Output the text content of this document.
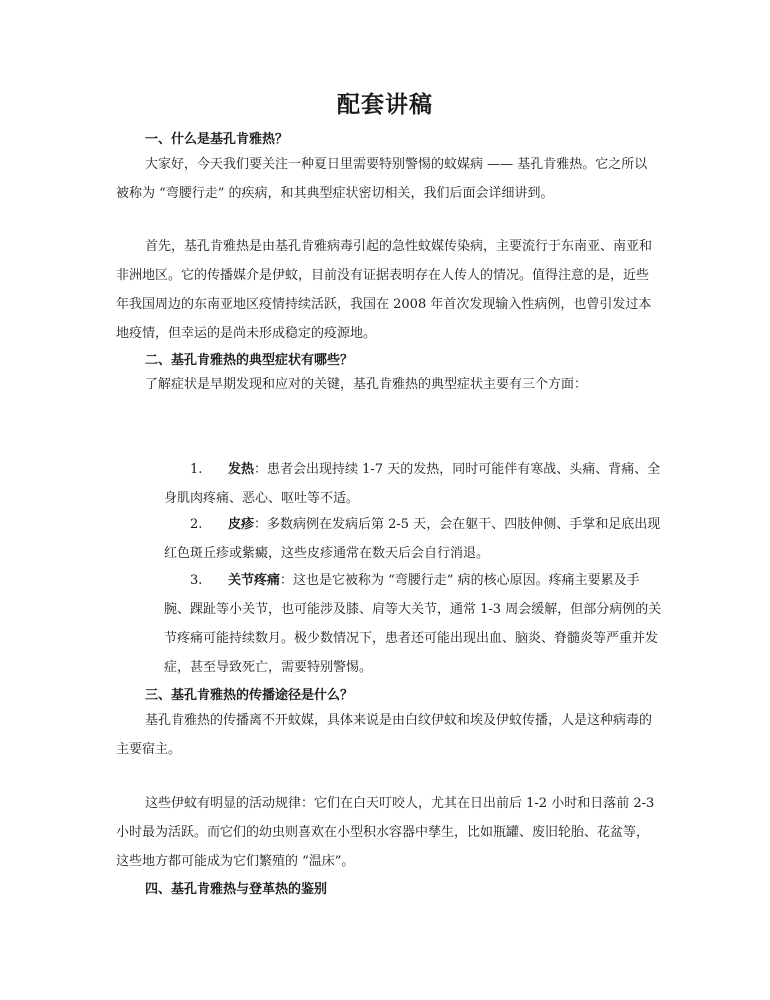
配套讲稿
一、什么是基孔肯雅热？
大家好，今天我们要关注一种夏日里需要特别警惕的蚊媒病 —— 基孔肯雅热。它之所以被称为 “弯腰行走” 的疾病，和其典型症状密切相关，我们后面会详细讲到。
首先，基孔肯雅热是由基孔肯雅病毒引起的急性蚊媒传染病，主要流行于东南亚、南亚和非洲地区。它的传播媒介是伊蚊，目前没有证据表明存在人传人的情况。值得注意的是，近些年我国周边的东南亚地区疫情持续活跃，我国在 2008 年首次发现输入性病例，也曾引发过本地疫情，但幸运的是尚未形成稳定的疫源地。
二、基孔肯雅热的典型症状有哪些？
了解症状是早期发现和应对的关键，基孔肯雅热的典型症状主要有三个方面：
1. 发热：患者会出现持续 1-7 天的发热，同时可能伴有寒战、头痛、背痛、全身肌肉疼痛、恶心、呕吐等不适。
2. 皮疹：多数病例在发病后第 2-5 天，会在躯干、四肢伸侧、手掌和足底出现红色斑丘疹或紫癜，这些皮疹通常在数天后会自行消退。
3. 关节疼痛：这也是它被称为 “弯腰行走” 病的核心原因。疼痛主要累及手腕、踝趾等小关节，也可能涉及膝、肩等大关节，通常 1-3 周会缓解，但部分病例的关节疼痛可能持续数月。极少数情况下，患者还可能出现出血、脑炎、脊髓炎等严重并发症，甚至导致死亡，需要特别警惕。
三、基孔肯雅热的传播途径是什么？
基孔肯雅热的传播离不开蚊媒，具体来说是由白纹伊蚊和埃及伊蚊传播，人是这种病毒的主要宿主。
这些伊蚊有明显的活动规律：它们在白天叮咬人，尤其在日出前后 1-2 小时和日落前 2-3 小时最为活跃。而它们的幼虫则喜欢在小型积水容器中孳生，比如瓶罐、废旧轮胎、花盆等，这些地方都可能成为它们繁殖的 “温床”。
四、基孔肯雅热与登革热的鉴别
